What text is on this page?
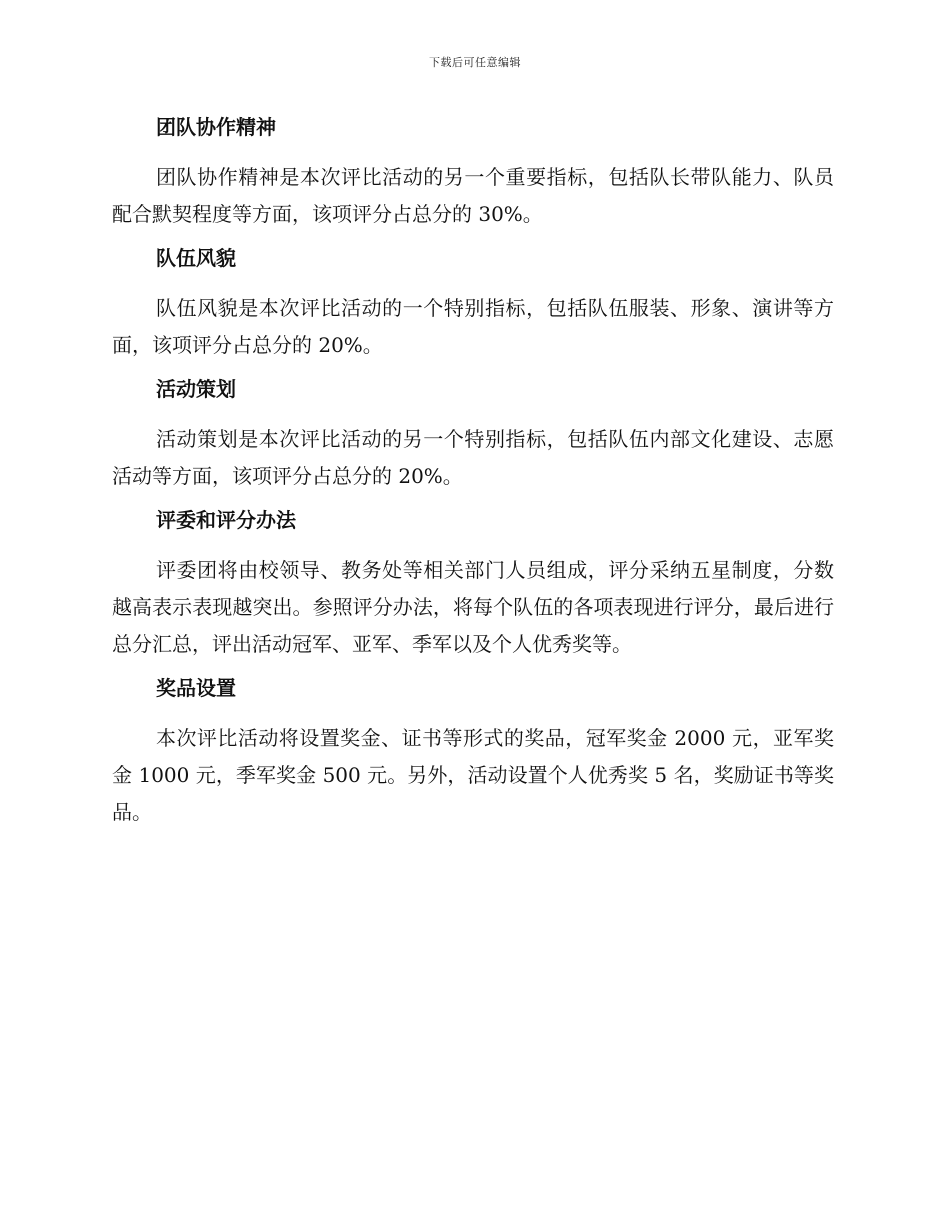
下载后可任意编辑
团队协作精神

团队协作精神是本次评比活动的另一个重要指标，包括队长带队能力、队员配合默契程度等方面，该项评分占总分的 30%。

队伍风貌

队伍风貌是本次评比活动的一个特别指标，包括队伍服装、形象、演讲等方面，该项评分占总分的 20%。

活动策划

活动策划是本次评比活动的另一个特别指标，包括队伍内部文化建设、志愿活动等方面，该项评分占总分的 20%。

评委和评分办法

评委团将由校领导、教务处等相关部门人员组成，评分采纳五星制度，分数越高表示表现越突出。参照评分办法，将每个队伍的各项表现进行评分，最后进行总分汇总，评出活动冠军、亚军、季军以及个人优秀奖等。

奖品设置

本次评比活动将设置奖金、证书等形式的奖品，冠军奖金 2000 元，亚军奖金 1000 元，季军奖金 500 元。另外，活动设置个人优秀奖 5 名，奖励证书等奖品。
